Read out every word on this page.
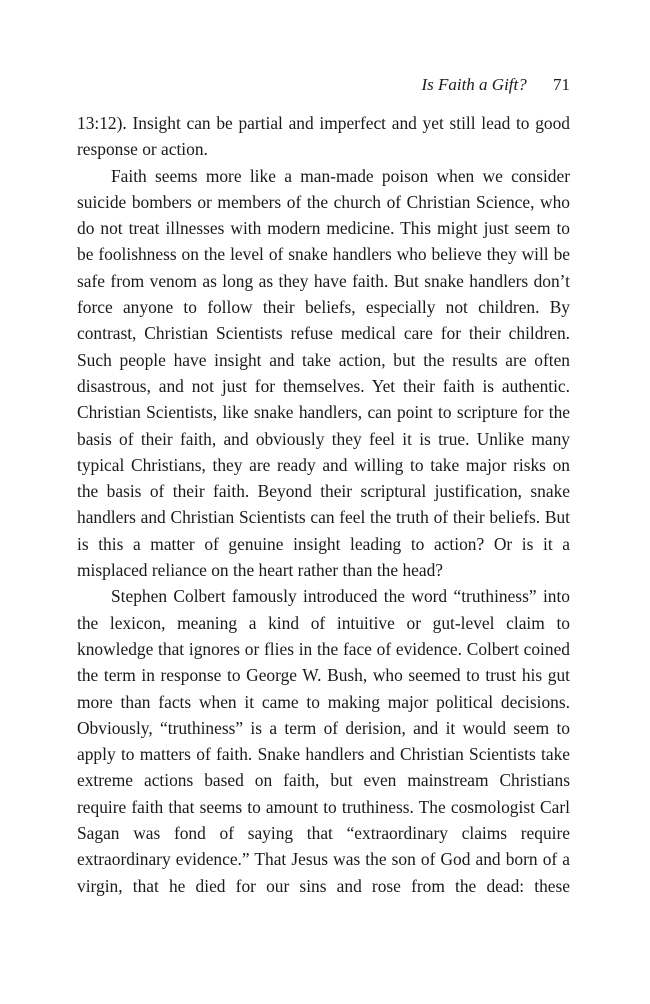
Is Faith a Gift? 71

13:12). Insight can be partial and imperfect and yet still lead to good response or action.

Faith seems more like a man-made poison when we consider suicide bombers or members of the church of Christian Science, who do not treat illnesses with modern medicine. This might just seem to be foolishness on the level of snake handlers who believe they will be safe from venom as long as they have faith. But snake handlers don’t force anyone to follow their beliefs, especially not children. By contrast, Christian Scientists refuse medical care for their children. Such people have insight and take action, but the results are often disastrous, and not just for themselves. Yet their faith is authentic. Christian Scientists, like snake handlers, can point to scripture for the basis of their faith, and obviously they feel it is true. Unlike many typical Christians, they are ready and willing to take major risks on the basis of their faith. Beyond their scriptural justification, snake handlers and Christian Scientists can feel the truth of their beliefs. But is this a matter of genuine insight leading to action? Or is it a misplaced reliance on the heart rather than the head?

Stephen Colbert famously introduced the word “truthiness” into the lexicon, meaning a kind of intuitive or gut-level claim to knowledge that ignores or flies in the face of evidence. Colbert coined the term in response to George W. Bush, who seemed to trust his gut more than facts when it came to making major political decisions. Obviously, “truthiness” is a term of derision, and it would seem to apply to matters of faith. Snake handlers and Christian Scientists take extreme actions based on faith, but even mainstream Christians require faith that seems to amount to truthiness. The cosmologist Carl Sagan was fond of saying that “extraordinary claims require extraordinary evidence.” That Jesus was the son of God and born of a virgin, that he died for our sins and rose from the dead: these
